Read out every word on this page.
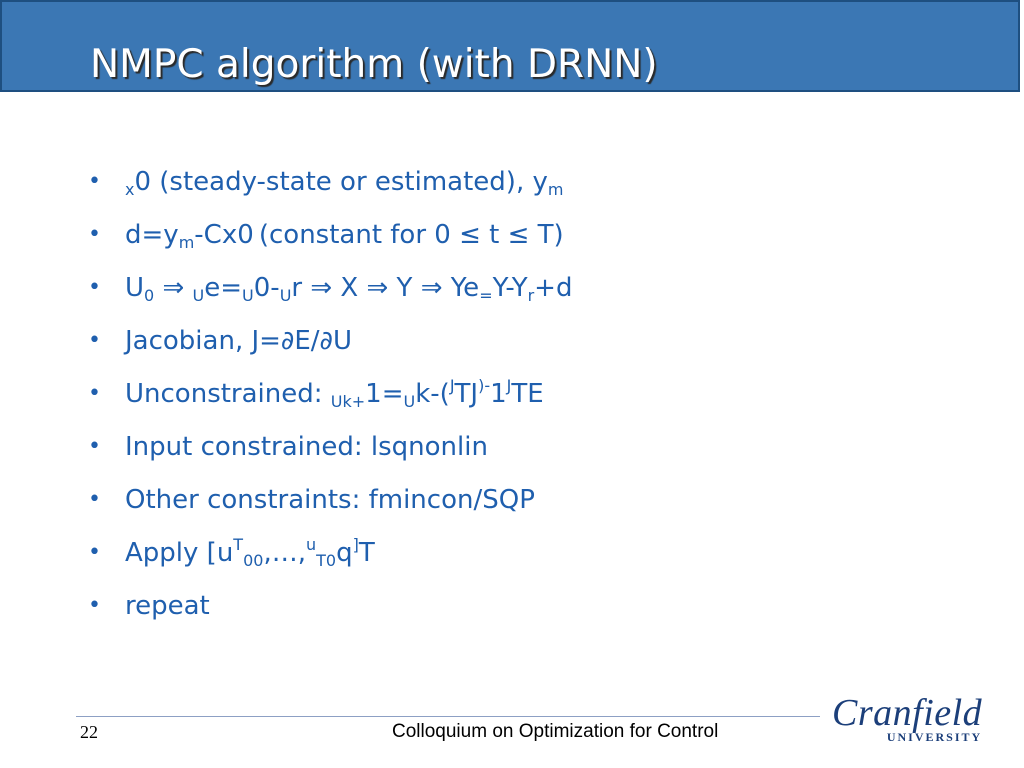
NMPC algorithm (with DRNN)
• $_x$0 (steady-state or estimated), $y_m$
• $d=y_m-Cx0$ (constant for 0 ≤ t ≤ T)
• $U_0$ ⇒ $_Ue=_U0-_Ur$ ⇒ X ⇒ Y ⇒ $Ye_=Y-Y_r+d$
• Jacobian, J=∂E/∂U
• Unconstrained: $_{Uk+}1=_Uk-(^JTJ^{)-}1^JTE$
• Input constrained: lsqnonlin
• Other constraints: fmincon/SQP
• Apply [$u^T_{00},\dots,^u_{T0}q^]T$
• repeat
22	Colloquium on Optimization for Control	Cranfield
UNIVERSITY
